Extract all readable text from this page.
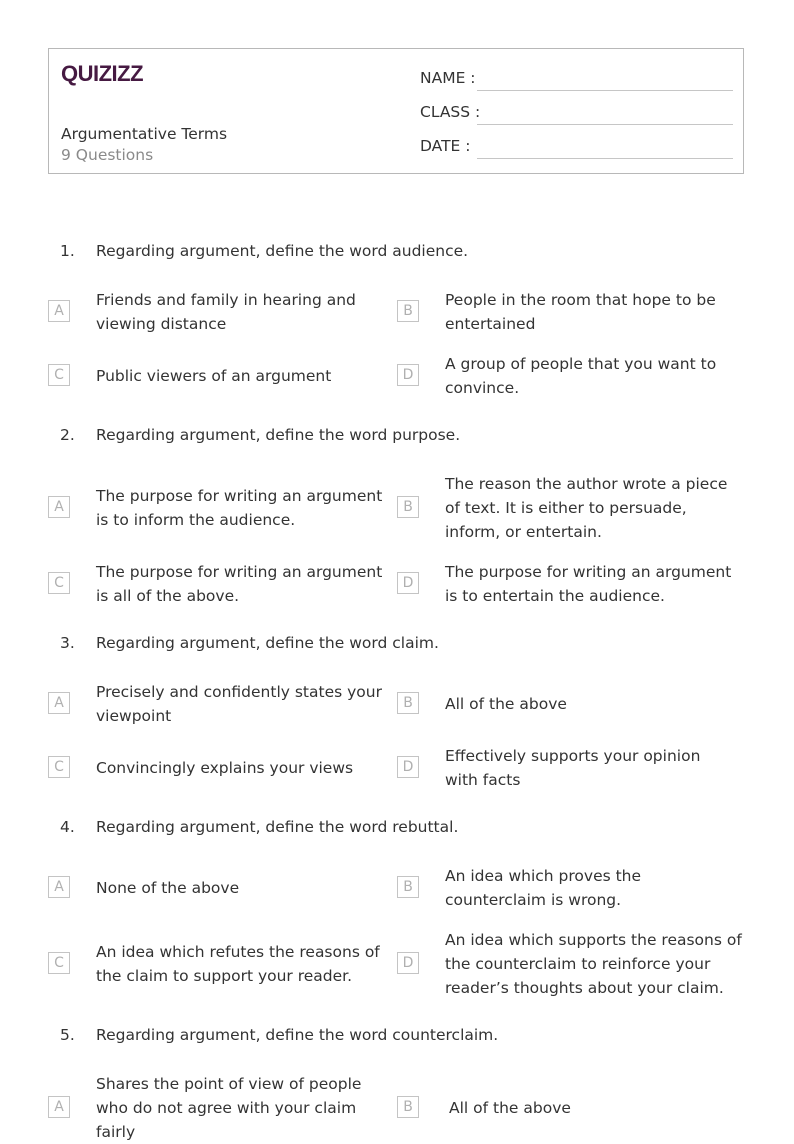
QUIZIZZ
Argumentative Terms
9 Questions
NAME :
CLASS :
DATE :
1. Regarding argument, define the word audience.
A
Friends and family in hearing and viewing distance
B
People in the room that hope to be entertained
C	Public viewers of an argument	D
A group of people that you want to convince.
2. Regarding argument, define the word purpose.
A
The purpose for writing an argument is to inform the audience.
B
The reason the author wrote a piece of text. It is either to persuade, inform, or entertain.
C
The purpose for writing an argument is all of the above.
D
The purpose for writing an argument is to entertain the audience.
3. Regarding argument, define the word claim.
A
Precisely and confidently states your viewpoint
B	All of the above
C	Convincingly explains your views	D
Effectively supports your opinion with facts
4. Regarding argument, define the word rebuttal.
A	None of the above	B
An idea which proves the counterclaim is wrong.
C
An idea which refutes the reasons of the claim to support your reader.
D
An idea which supports the reasons of the counterclaim to reinforce your reader’s thoughts about your claim.
5. Regarding argument, define the word counterclaim.
A
Shares the point of view of people who do not agree with your claim fairly
B	All of the above
